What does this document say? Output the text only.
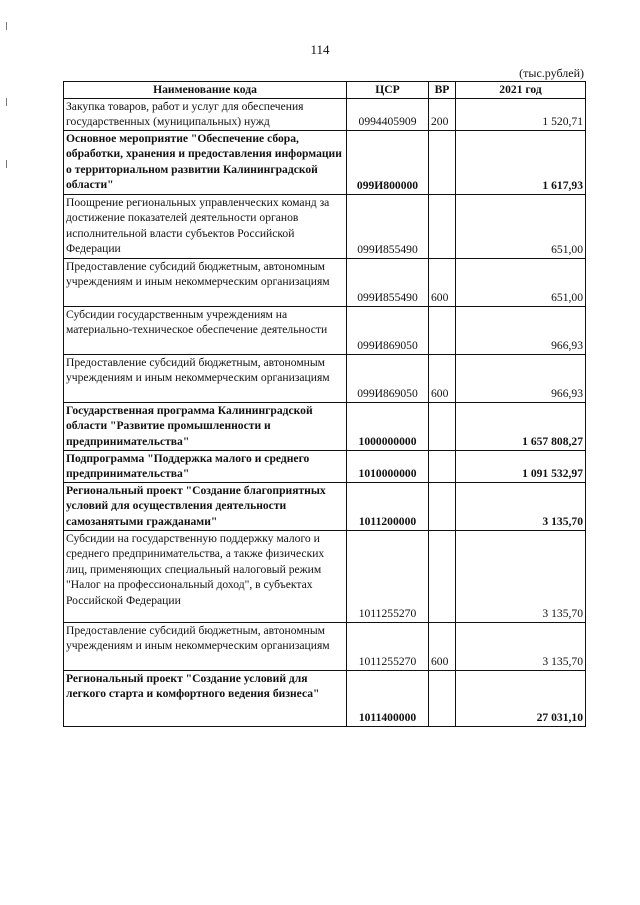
114
(тыс.рублей)
Наименование кода	ЦСР	ВР	2021 год
Закупка товаров, работ и услуг для обеспечения государственных (муниципальных) нужд	0994405909	200	1 520,71
Основное мероприятие "Обеспечение сбора, обработки, хранения и предоставления информации о территориальном развитии Калининградской области"	099И800000		1 617,93
Поощрение региональных управленческих команд за достижение показателей деятельности органов исполнительной власти субъектов Российской Федерации	099И855490		651,00
Предоставление субсидий бюджетным, автономным учреждениям и иным некоммерческим организациям	099И855490	600	651,00
Субсидии государственным учреждениям на материально-техническое обеспечение деятельности	099И869050		966,93
Предоставление субсидий бюджетным, автономным учреждениям и иным некоммерческим организациям	099И869050	600	966,93
Государственная программа Калининградской области "Развитие промышленности и предпринимательства"	1000000000		1 657 808,27
Подпрограмма "Поддержка малого и среднего предпринимательства"	1010000000		1 091 532,97
Региональный проект "Создание благоприятных условий для осуществления деятельности самозанятыми гражданами"	1011200000		3 135,70
Субсидии на государственную поддержку малого и среднего предпринимательства, а также физических лиц, применяющих специальный налоговый режим "Налог на профессиональный доход", в субъектах Российской Федерации	1011255270		3 135,70
Предоставление субсидий бюджетным, автономным учреждениям и иным некоммерческим организациям	1011255270	600	3 135,70
Региональный проект "Создание условий для легкого старта и комфортного ведения бизнеса"	1011400000		27 031,10
